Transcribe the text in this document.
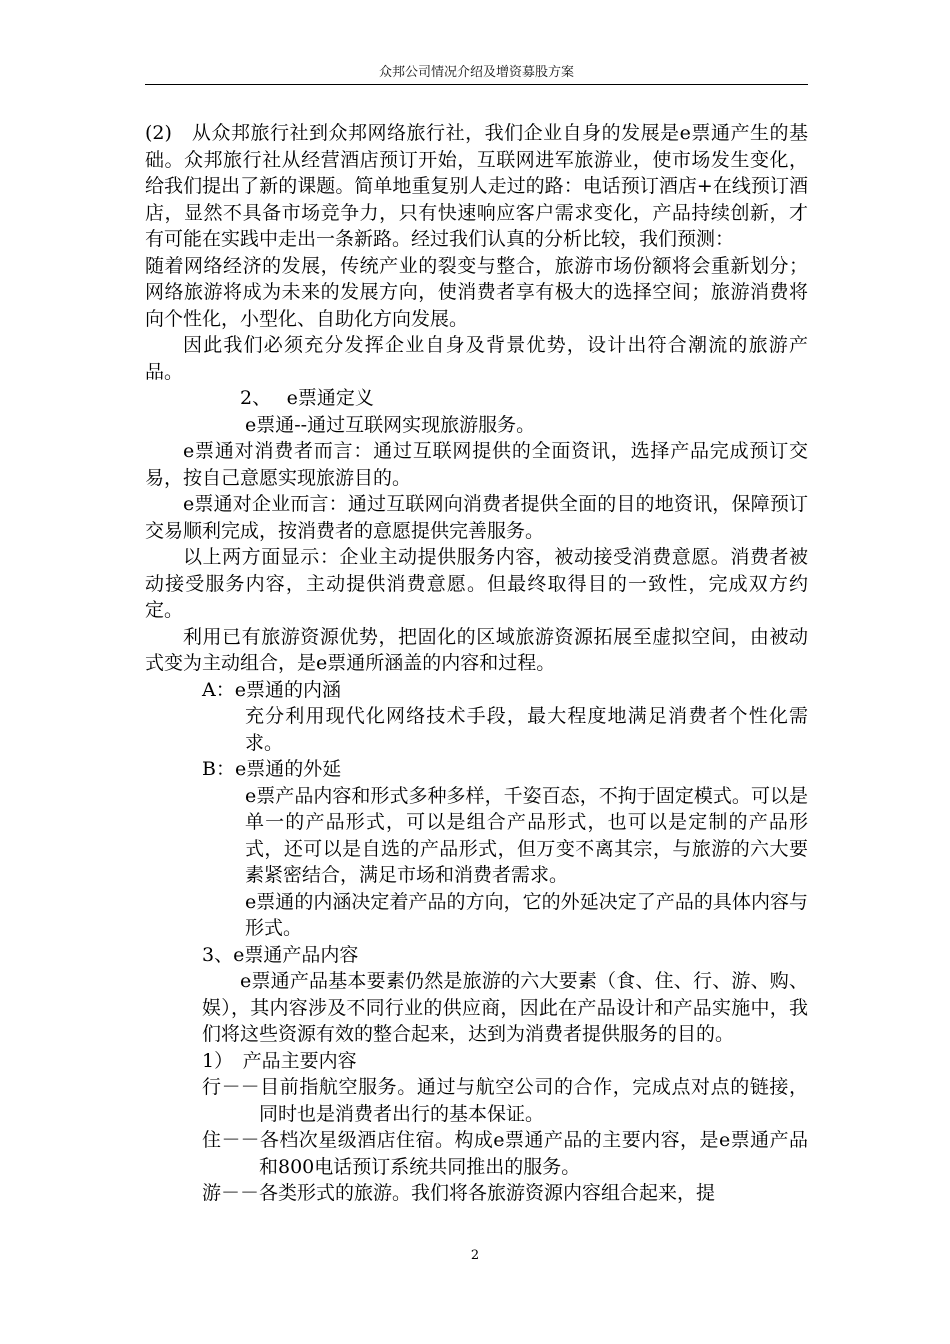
众邦公司情况介绍及增资募股方案

(2)　从众邦旅行社到众邦网络旅行社，我们企业自身的发展是e票通产生的基础。众邦旅行社从经营酒店预订开始，互联网进军旅游业，使市场发生变化，给我们提出了新的课题。简单地重复别人走过的路：电话预订酒店+在线预订酒店，显然不具备市场竞争力，只有快速响应客户需求变化，产品持续创新，才有可能在实践中走出一条新路。经过我们认真的分析比较，我们预测：

随着网络经济的发展，传统产业的裂变与整合，旅游市场份额将会重新划分；网络旅游将成为未来的发展方向，使消费者享有极大的选择空间；旅游消费将向个性化，小型化、自助化方向发展。

因此我们必须充分发挥企业自身及背景优势，设计出符合潮流的旅游产品。

2、　 e票通定义

e票通--通过互联网实现旅游服务。

e票通对消费者而言：通过互联网提供的全面资讯，选择产品完成预订交易，按自己意愿实现旅游目的。

e票通对企业而言：通过互联网向消费者提供全面的目的地资讯，保障预订交易顺利完成，按消费者的意愿提供完善服务。

以上两方面显示：企业主动提供服务内容，被动接受消费意愿。消费者被动接受服务内容，主动提供消费意愿。但最终取得目的一致性，完成双方约定。

利用已有旅游资源优势，把固化的区域旅游资源拓展至虚拟空间，由被动式变为主动组合，是e票通所涵盖的内容和过程。

A：e票通的内涵

充分利用现代化网络技术手段，最大程度地满足消费者个性化需求。

B：e票通的外延

e票产品内容和形式多种多样，千姿百态，不拘于固定模式。可以是单一的产品形式，可以是组合产品形式，也可以是定制的产品形式，还可以是自选的产品形式，但万变不离其宗，与旅游的六大要素紧密结合，满足市场和消费者需求。

e票通的内涵决定着产品的方向，它的外延决定了产品的具体内容与形式。

3、e票通产品内容

e票通产品基本要素仍然是旅游的六大要素（食、住、行、游、购、娱），其内容涉及不同行业的供应商，因此在产品设计和产品实施中，我们将这些资源有效的整合起来，达到为消费者提供服务的目的。

1）　产品主要内容

行－－目前指航空服务。通过与航空公司的合作，完成点对点的链接，同时也是消费者出行的基本保证。

住－－各档次星级酒店住宿。构成e票通产品的主要内容，是e票通产品和800电话预订系统共同推出的服务。

游－－各类形式的旅游。我们将各旅游资源内容组合起来，提

2
